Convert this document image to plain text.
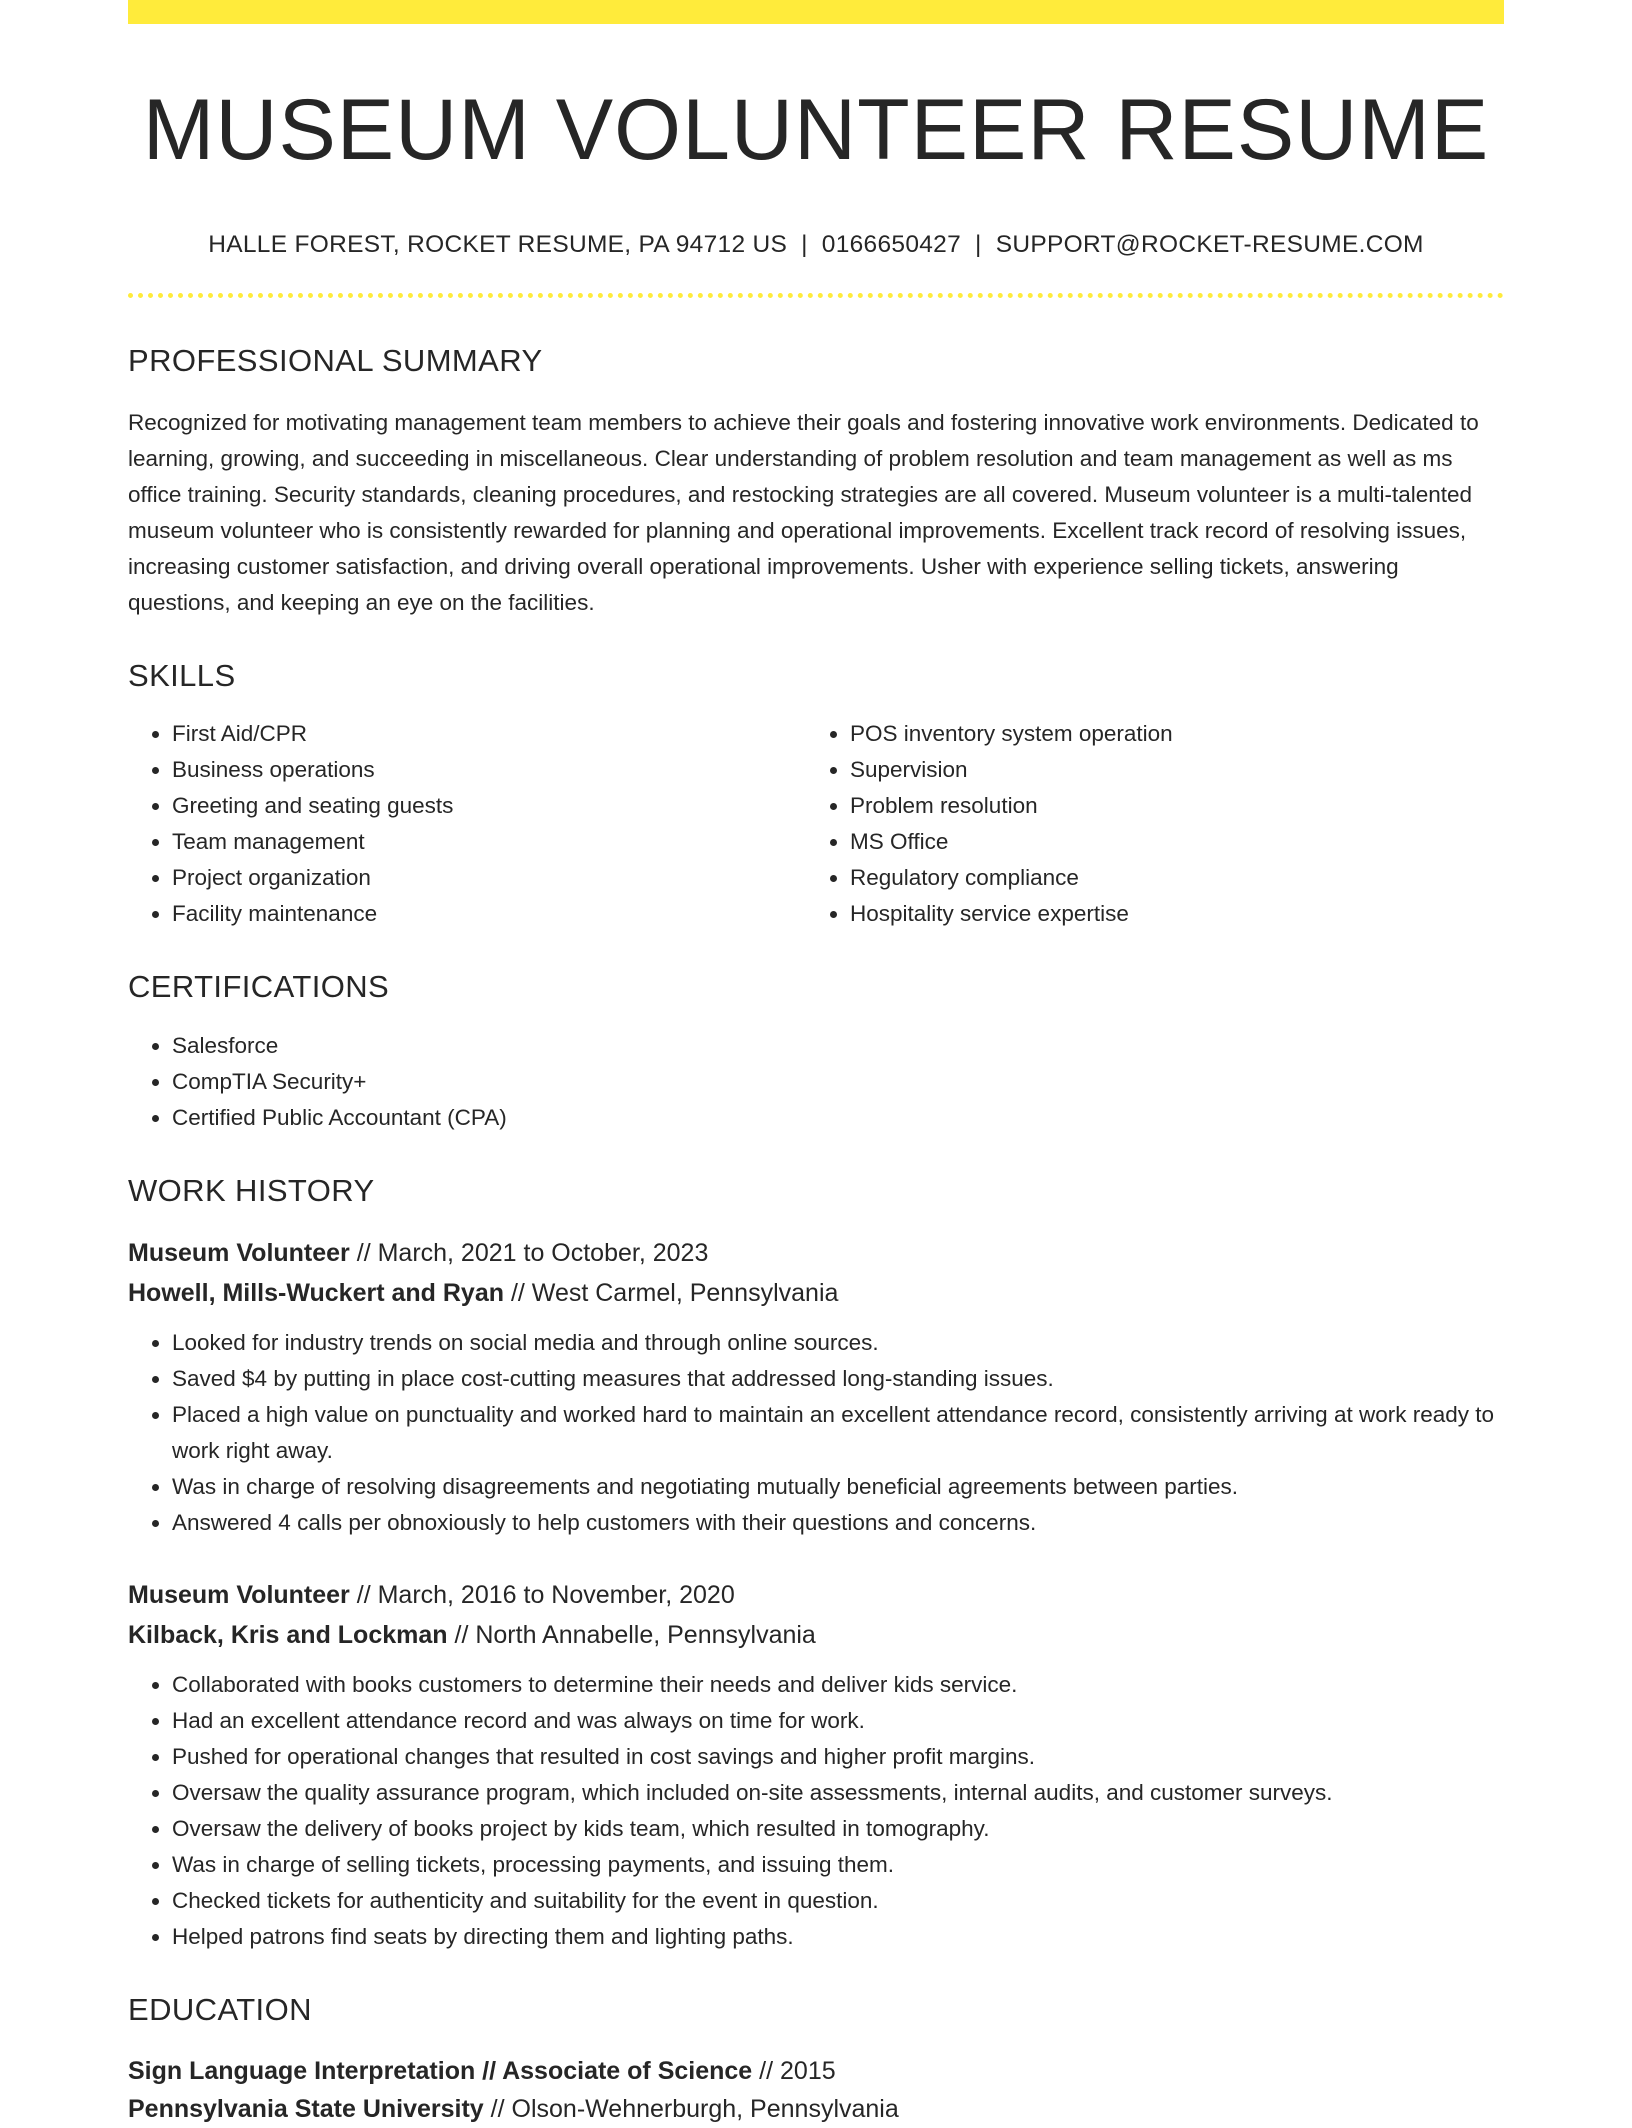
MUSEUM VOLUNTEER RESUME
HALLE FOREST, ROCKET RESUME, PA 94712 US | 0166650427 | SUPPORT@ROCKET-RESUME.COM
PROFESSIONAL SUMMARY

Recognized for motivating management team members to achieve their goals and fostering innovative work environments. Dedicated to learning, growing, and succeeding in miscellaneous. Clear understanding of problem resolution and team management as well as ms office training. Security standards, cleaning procedures, and restocking strategies are all covered. Museum volunteer is a multi-talented museum volunteer who is consistently rewarded for planning and operational improvements. Excellent track record of resolving issues, increasing customer satisfaction, and driving overall operational improvements. Usher with experience selling tickets, answering questions, and keeping an eye on the facilities.

SKILLS
• First Aid/CPR
• Business operations
• Greeting and seating guests
• Team management
• Project organization
• Facility maintenance
• POS inventory system operation
• Supervision
• Problem resolution
• MS Office
• Regulatory compliance
• Hospitality service expertise
CERTIFICATIONS
• Salesforce
• CompTIA Security+
• Certified Public Accountant (CPA)
WORK HISTORY
Museum Volunteer // March, 2021 to October, 2023
Howell, Mills-Wuckert and Ryan // West Carmel, Pennsylvania
• Looked for industry trends on social media and through online sources.
• Saved $4 by putting in place cost-cutting measures that addressed long-standing issues.
• Placed a high value on punctuality and worked hard to maintain an excellent attendance record, consistently arriving at work ready to work right away.
• Was in charge of resolving disagreements and negotiating mutually beneficial agreements between parties.
• Answered 4 calls per obnoxiously to help customers with their questions and concerns.
Museum Volunteer // March, 2016 to November, 2020
Kilback, Kris and Lockman // North Annabelle, Pennsylvania
• Collaborated with books customers to determine their needs and deliver kids service.
• Had an excellent attendance record and was always on time for work.
• Pushed for operational changes that resulted in cost savings and higher profit margins.
• Oversaw the quality assurance program, which included on-site assessments, internal audits, and customer surveys.
• Oversaw the delivery of books project by kids team, which resulted in tomography.
• Was in charge of selling tickets, processing payments, and issuing them.
• Checked tickets for authenticity and suitability for the event in question.
• Helped patrons find seats by directing them and lighting paths.
EDUCATION
Sign Language Interpretation // Associate of Science // 2015
Pennsylvania State University // Olson-Wehnerburgh, Pennsylvania
